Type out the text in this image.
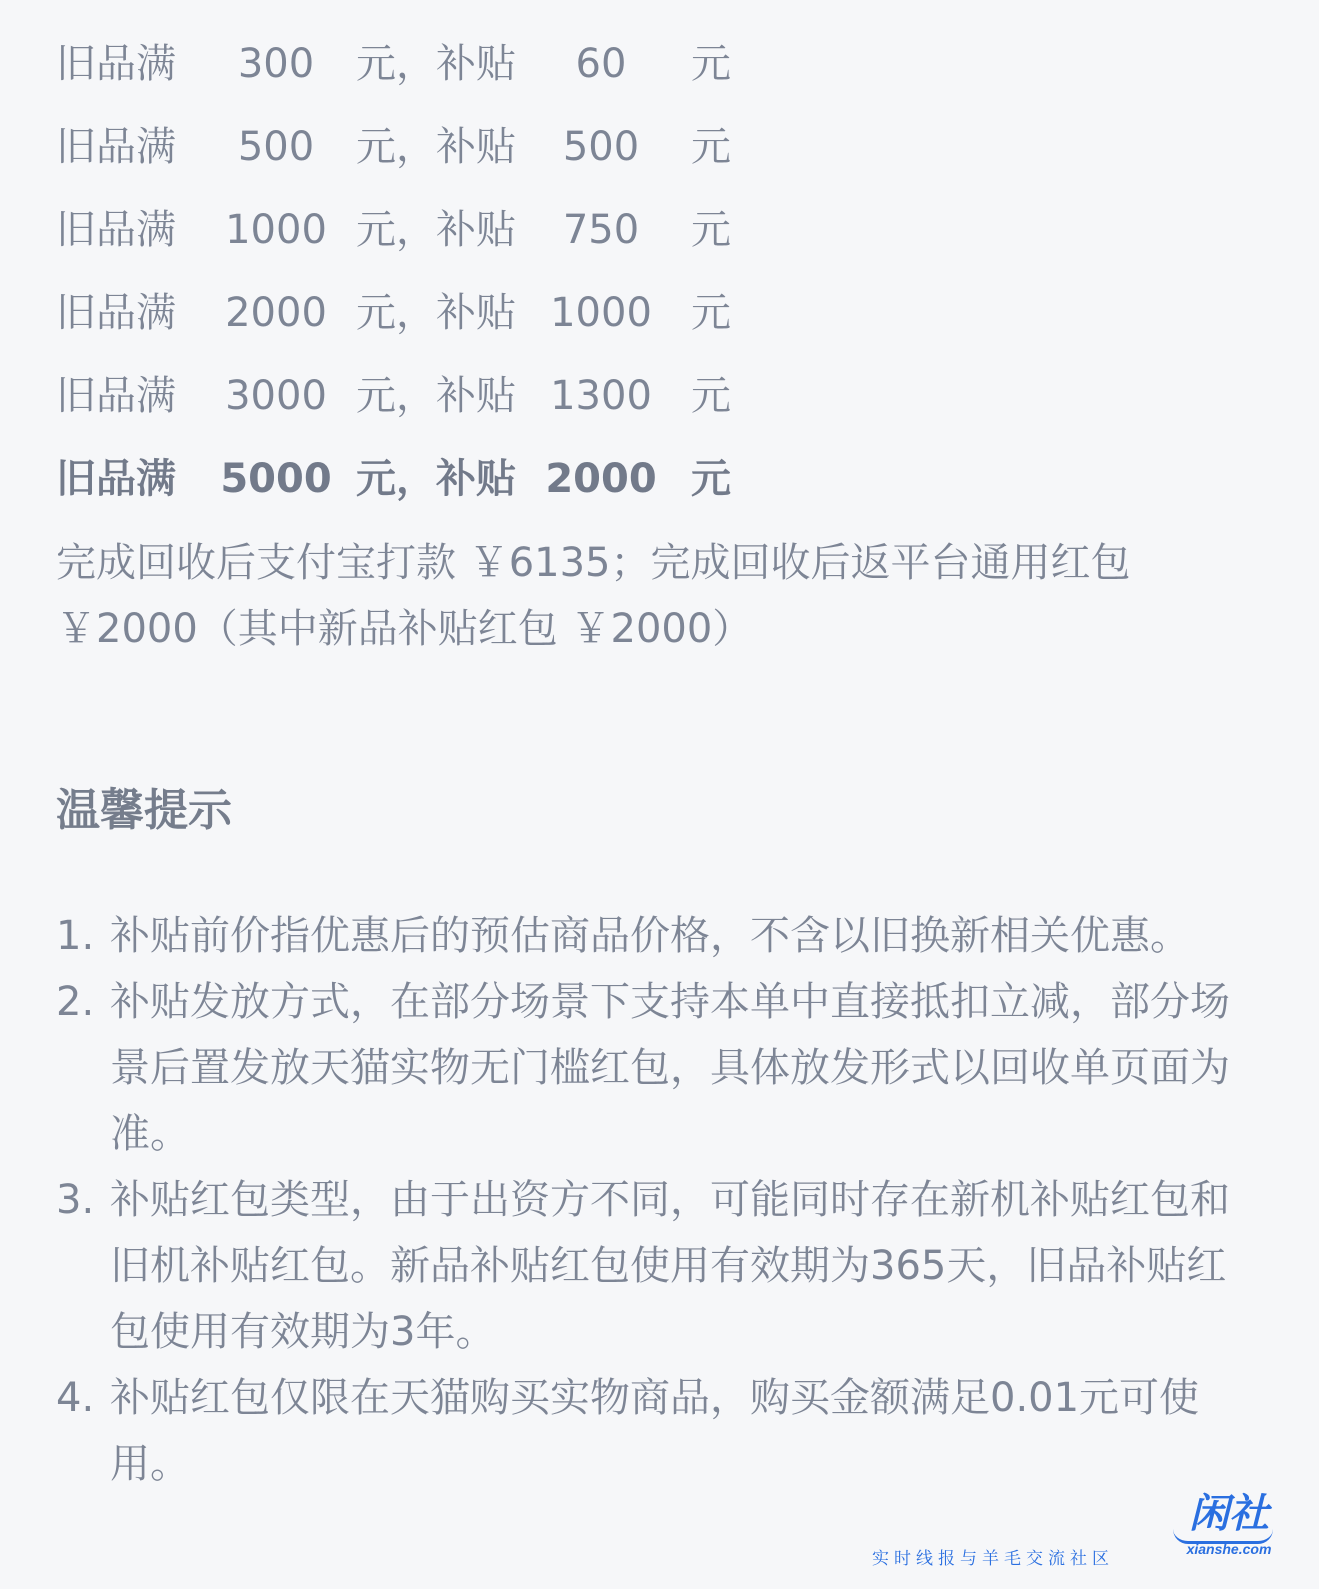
旧品满	300	元， 补贴	60	元
旧品满	500	元， 补贴	500	元
旧品满	1000 元， 补贴	750	元
旧品满	2000 元， 补贴 1000 元
旧品满	3000 元， 补贴 1300 元
旧品满	5000 元， 补贴 2000 元
完成回收后支付宝打款 ￥6135；完成回收后返平台通用红包 ￥2000（其中新品补贴红包 ￥2000）
温馨提示
1. 补贴前价指优惠后的预估商品价格，不含以旧换新相关优惠。
2. 补贴发放方式，在部分场景下支持本单中直接抵扣立减，部分场景后置发放天猫实物无门槛红包，具体放发形式以回收单页面为准。
3. 补贴红包类型，由于出资方不同，可能同时存在新机补贴红包和旧机补贴红包。新品补贴红包使用有效期为365天，旧品补贴红包使用有效期为3年。
4. 补贴红包仅限在天猫购买实物商品，购买金额满足0.01元可使用。
实时线报与羊毛交流社区
闲社
xianshe.com
